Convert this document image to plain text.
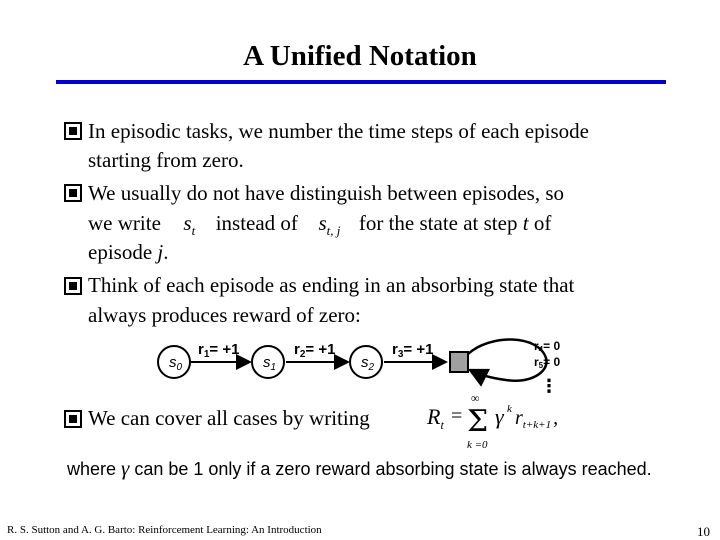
A Unified Notation
In episodic tasks, we number the time steps of each episode
starting from zero.
We usually do not have distinguish between episodes, so
we write $s_t$ instead of $s_{t, j}$ for the state at step t of
episode j.
Think of each episode as ending in an absorbing state that
always produces reward of zero:
$s_0$	$s_1$	$s_2$
$r_1= +1$	$r_2= +1$	$r_3= +1$	r4= 0
r5= 0
⋮
We can cover all cases by writing	$R_t$ =
∞
Σ
k =0
γ k $r_{t+k+1}$ ,
where γ can be 1 only if a zero reward absorbing state is always reached.
R. S. Sutton and A. G. Barto: Reinforcement Learning: An Introduction	10
